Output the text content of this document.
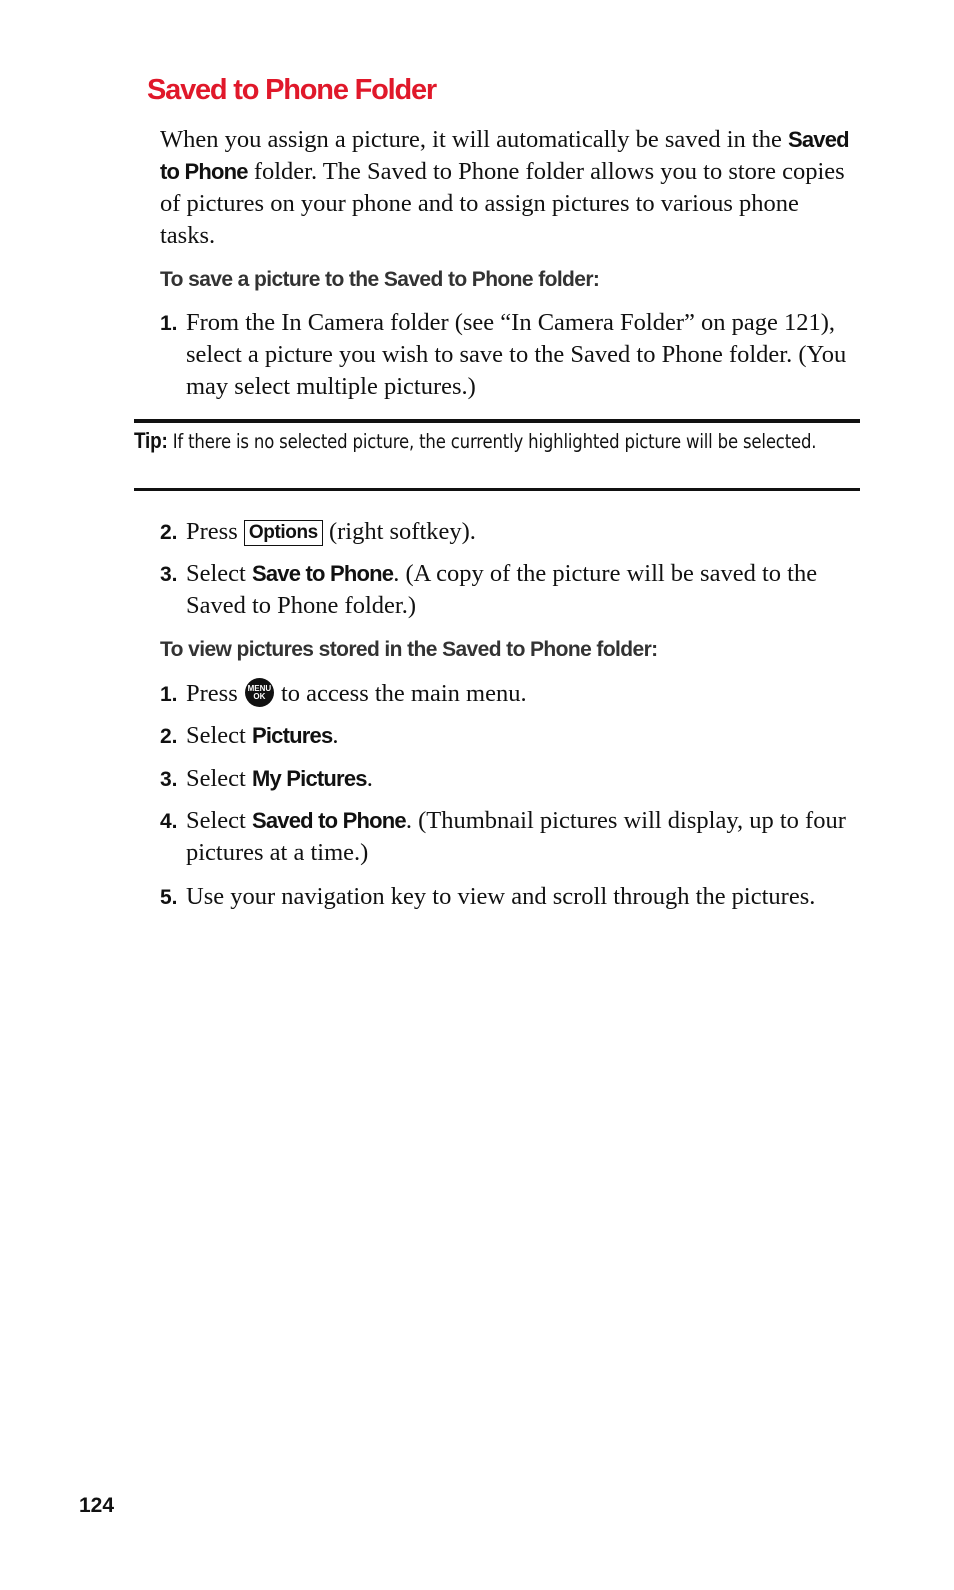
Saved to Phone Folder

When you assign a picture, it will automatically be saved in the Saved to Phone folder. The Saved to Phone folder allows you to store copies of pictures on your phone and to assign pictures to various phone tasks.

To save a picture to the Saved to Phone folder:

1. From the In Camera folder (see “In Camera Folder” on page 121), select a picture you wish to save to the Saved to Phone folder. (You may select multiple pictures.)

Tip: If there is no selected picture, the currently highlighted picture will be selected.

2. Press Options (right softkey).
3. Select Save to Phone. (A copy of the picture will be saved to the Saved to Phone folder.)

To view pictures stored in the Saved to Phone folder:

1. Press MENU
OK to access the main menu.
2. Select Pictures.
3. Select My Pictures.
4. Select Saved to Phone. (Thumbnail pictures will display, up to four pictures at a time.)
5. Use your navigation key to view and scroll through the pictures.

124
